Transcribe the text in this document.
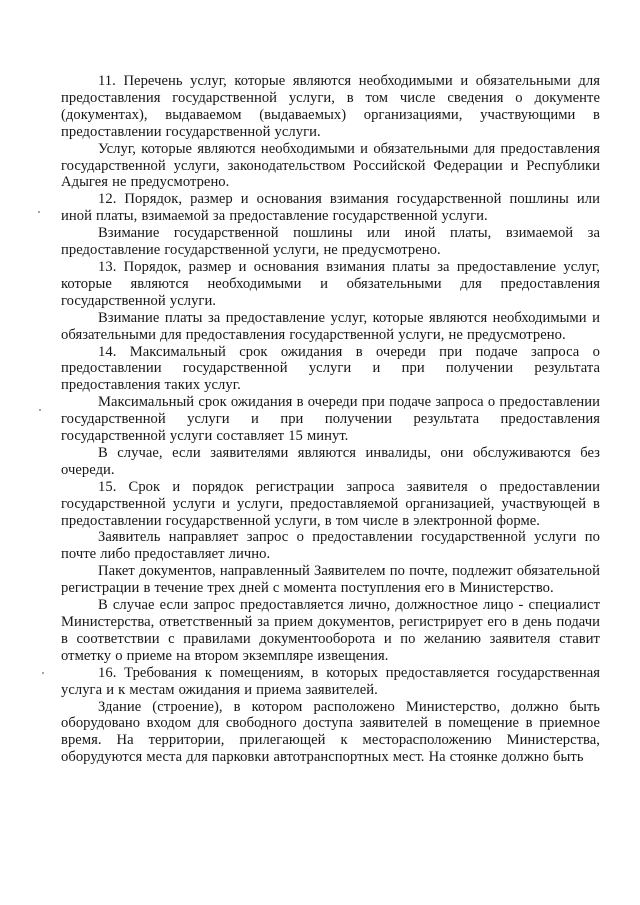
11. Перечень услуг, которые являются необходимыми и обязательными для предоставления государственной услуги, в том числе сведения о документе (документах), выдаваемом (выдаваемых) организациями, участвующими в предоставлении государственной услуги.

Услуг, которые являются необходимыми и обязательными для предоставления государственной услуги, законодательством Российской Федерации и Республики Адыгея не предусмотрено.

12. Порядок, размер и основания взимания государственной пошлины или иной платы, взимаемой за предоставление государственной услуги.

Взимание государственной пошлины или иной платы, взимаемой за предоставление государственной услуги, не предусмотрено.

13. Порядок, размер и основания взимания платы за предоставление услуг, которые являются необходимыми и обязательными для предоставления государственной услуги.

Взимание платы за предоставление услуг, которые являются необходимыми и обязательными для предоставления государственной услуги, не предусмотрено.

14. Максимальный срок ожидания в очереди при подаче запроса о предоставлении государственной услуги и при получении результата предоставления таких услуг.

Максимальный срок ожидания в очереди при подаче запроса о предоставлении государственной услуги и при получении результата предоставления государственной услуги составляет 15 минут.

В случае, если заявителями являются инвалиды, они обслуживаются без очереди.

15. Срок и порядок регистрации запроса заявителя о предоставлении государственной услуги и услуги, предоставляемой организацией, участвующей в предоставлении государственной услуги, в том числе в электронной форме.

Заявитель направляет запрос о предоставлении государственной услуги по почте либо предоставляет лично.

Пакет документов, направленный Заявителем по почте, подлежит обязательной регистрации в течение трех дней с момента поступления его в Министерство.

В случае если запрос предоставляется лично, должностное лицо - специалист Министерства, ответственный за прием документов, регистрирует его в день подачи в соответствии с правилами документооборота и по желанию заявителя ставит отметку о приеме на втором экземпляре извещения.

16. Требования к помещениям, в которых предоставляется государственная услуга и к местам ожидания и приема заявителей.

Здание (строение), в котором расположено Министерство, должно быть оборудовано входом для свободного доступа заявителей в помещение в приемное время. На территории, прилегающей к месторасположению Министерства, оборудуются места для парковки автотранспортных мест. На стоянке должно быть
